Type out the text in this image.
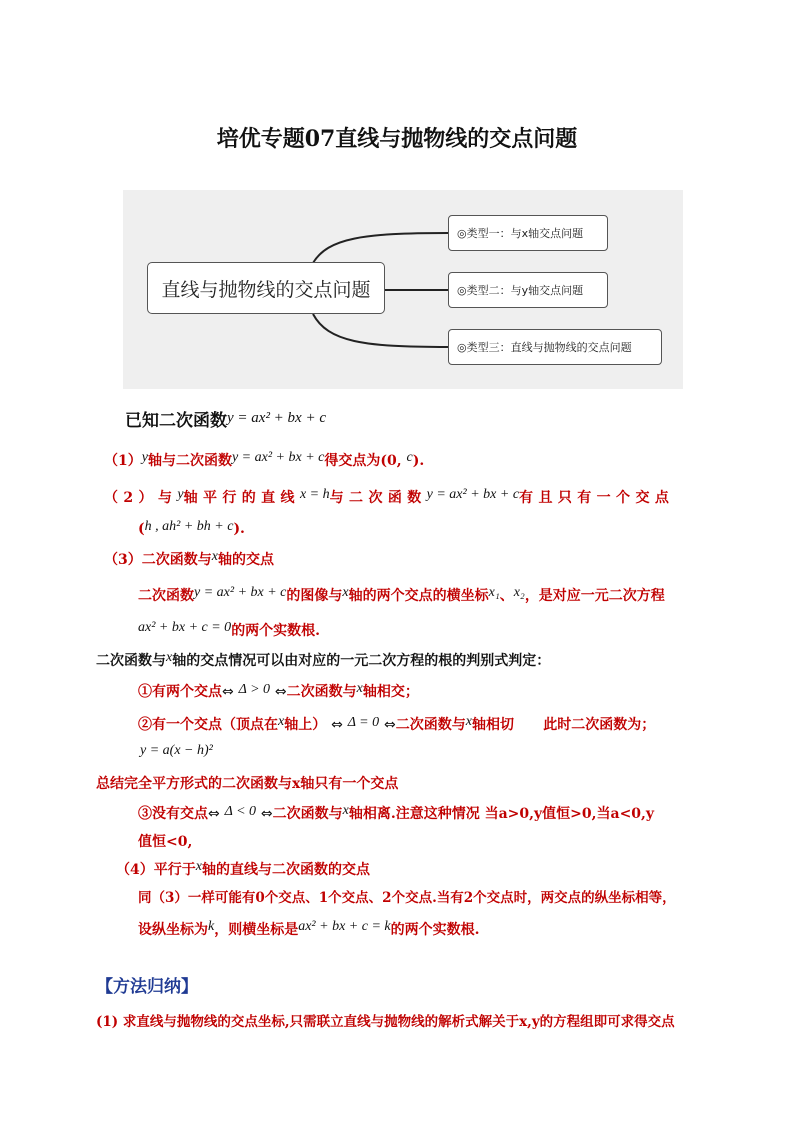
培优专题07直线与抛物线的交点问题
直线与抛物线的交点问题
◎类型一：与x轴交点问题
◎类型二：与y轴交点问题
◎类型三：直线与抛物线的交点问题
已知二次函数y = ax² + bx + c
（1）y轴与二次函数y = ax² + bx + c得交点为(0, c).
（2）与y轴平行的直线x = h与二次函数y = ax² + bx + c有且只有一个交点
(h , ah² + bh + c).
（3）二次函数与x轴的交点
二次函数y = ax² + bx + c的图像与x轴的两个交点的横坐标x₁、x₂，是对应一元二次方程
ax² + bx + c = 0的两个实数根.
二次函数与x轴的交点情况可以由对应的一元二次方程的根的判别式判定：
①有两个交点⇔ Δ > 0 ⇔二次函数与x轴相交；
②有一个交点（顶点在x轴上） ⇔ Δ = 0 ⇔二次函数与x轴相切 此时二次函数为；
y = a(x − h)²
总结完全平方形式的二次函数与x轴只有一个交点
③没有交点⇔ Δ < 0 ⇔二次函数与x轴相离.注意这种情况 当a>0,y值恒>0,当a<0,y
值恒<0,
（4）平行于x轴的直线与二次函数的交点
同（3）一样可能有0个交点、1个交点、2个交点.当有2个交点时，两交点的纵坐标相等，
设纵坐标为k，则横坐标是ax² + bx + c = k的两个实数根.
【方法归纳】
(1) 求直线与抛物线的交点坐标,只需联立直线与抛物线的解析式解关于x,y的方程组即可求得交点
